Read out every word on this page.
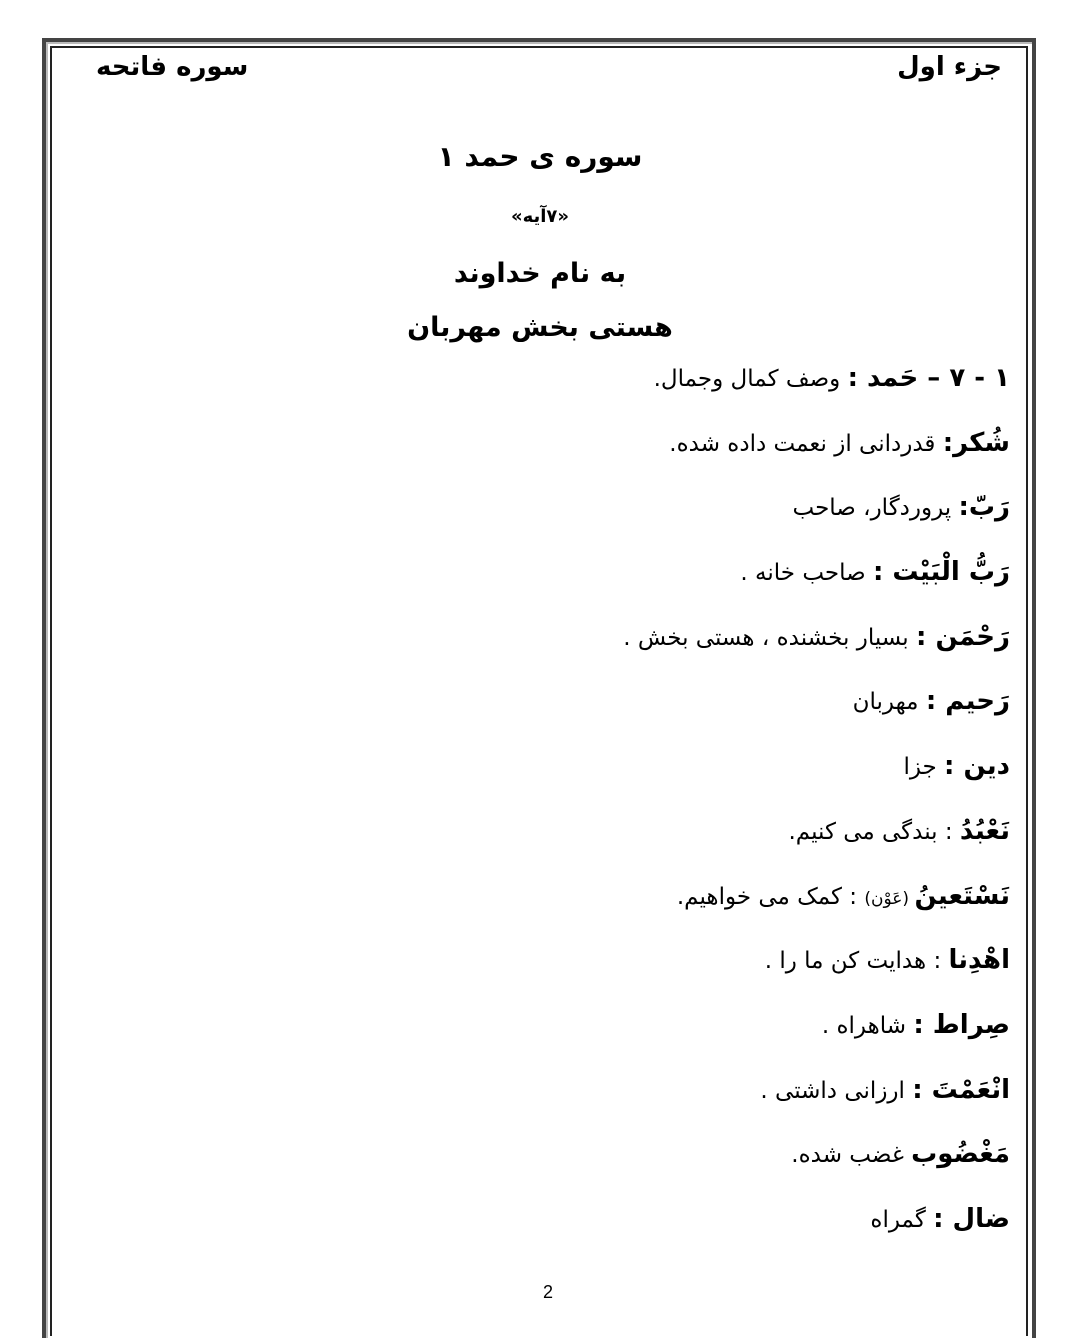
جزء اول
سوره فاتحه
سوره ی حمد ١
«٧آیه»
به نام خداوند
هستی بخش مهربان
١ - ٧ – حَمد : وصف کمال وجمال.
شُکر: قدردانی از نعمت داده شده.
رَبّ: پروردگار، صاحب
رَبُّ الْبَیْت : صاحب خانه .
رَحْمَن : بسیار بخشنده ، هستی بخش .
رَحیم : مهربان
دین : جزا
نَعْبُدُ : بندگی می کنیم.
نَسْتَعینُ (عَوْن) : کمک می خواهیم.
اهْدِنا : هدایت کن ما را .
صِراط : شاهراه .
انْعَمْتَ : ارزانی داشتی .
مَغْضُوب غضب شده.
ضال : گمراه
2
